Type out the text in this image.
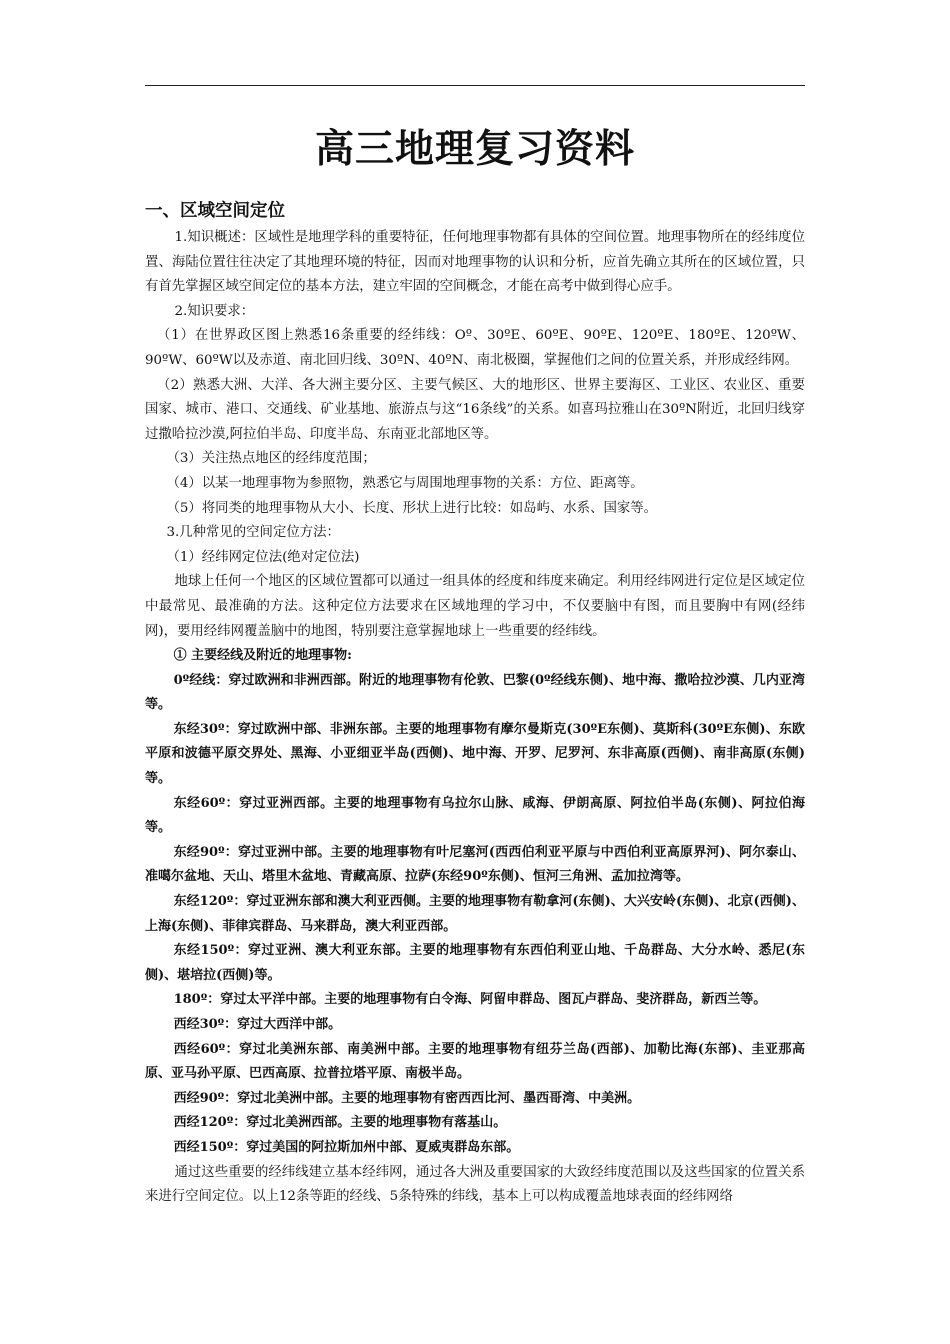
高三地理复习资料
一、区域空间定位

1.知识概述：区域性是地理学科的重要特征，任何地理事物都有具体的空间位置。地理事物所在的经纬度位置、海陆位置往往决定了其地理环境的特征，因而对地理事物的认识和分析，应首先确立其所在的区域位置，只有首先掌握区域空间定位的基本方法，建立牢固的空间概念，才能在高考中做到得心应手。

2.知识要求：

（1）在世界政区图上熟悉16条重要的经纬线：Oº、30ºE、60ºE、90ºE、120ºE、180ºE、120ºW、90ºW、60ºW以及赤道、南北回归线、30ºN、40ºN、南北极圈，掌握他们之间的位置关系，并形成经纬网。

（2）熟悉大洲、大洋、各大洲主要分区、主要气候区、大的地形区、世界主要海区、工业区、农业区、重要国家、城市、港口、交通线、矿业基地、旅游点与这“16条线”的关系。如喜玛拉雅山在30ºN附近，北回归线穿过撒哈拉沙漠,阿拉伯半岛、印度半岛、东南亚北部地区等。

（3）关注热点地区的经纬度范围；

（4）以某一地理事物为参照物，熟悉它与周围地理事物的关系：方位、距离等。

（5）将同类的地理事物从大小、长度、形状上进行比较：如岛屿、水系、国家等。

3.几种常见的空间定位方法：

（1）经纬网定位法(绝对定位法)

地球上任何一个地区的区域位置都可以通过一组具体的经度和纬度来确定。利用经纬网进行定位是区域定位中最常见、最准确的方法。这种定位方法要求在区域地理的学习中，不仅要脑中有图，而且要胸中有网(经纬网)，要用经纬网覆盖脑中的地图，特别要注意掌握地球上一些重要的经纬线。

① 主要经线及附近的地理事物:

0º经线：穿过欧洲和非洲西部。附近的地理事物有伦敦、巴黎(0º经线东侧)、地中海、撒哈拉沙漠、几内亚湾等。

东经30º：穿过欧洲中部、非洲东部。主要的地理事物有摩尔曼斯克(30ºE东侧)、莫斯科(30ºE东侧)、东欧平原和波德平原交界处、黑海、小亚细亚半岛(西侧)、地中海、开罗、尼罗河、东非高原(西侧)、南非高原(东侧)等。

东经60º：穿过亚洲西部。主要的地理事物有乌拉尔山脉、咸海、伊朗高原、阿拉伯半岛(东侧)、阿拉伯海等。

东经90º：穿过亚洲中部。主要的地理事物有叶尼塞河(西西伯利亚平原与中西伯利亚高原界河)、阿尔泰山、准噶尔盆地、天山、塔里木盆地、青藏高原、拉萨(东经90º东侧)、恒河三角洲、孟加拉湾等。

东经120º：穿过亚洲东部和澳大利亚西侧。主要的地理事物有勒拿河(东侧)、大兴安岭(东侧)、北京(西侧)、上海(东侧)、菲律宾群岛、马来群岛，澳大利亚西部。

东经150º：穿过亚洲、澳大利亚东部。主要的地理事物有东西伯利亚山地、千岛群岛、大分水岭、悉尼(东侧)、堪培拉(西侧)等。

180º：穿过太平洋中部。主要的地理事物有白令海、阿留申群岛、图瓦卢群岛、斐济群岛，新西兰等。

西经30º：穿过大西洋中部。

西经60º：穿过北美洲东部、南美洲中部。主要的地理事物有纽芬兰岛(西部)、加勒比海(东部)、圭亚那高原、亚马孙平原、巴西高原、拉普拉塔平原、南极半岛。

西经90º：穿过北美洲中部。主要的地理事物有密西西比河、墨西哥湾、中美洲。

西经120º：穿过北美洲西部。主要的地理事物有落基山。

西经150º：穿过美国的阿拉斯加州中部、夏威夷群岛东部。

通过这些重要的经纬线建立基本经纬网，通过各大洲及重要国家的大致经纬度范围以及这些国家的位置关系来进行空间定位。以上12条等距的经线、5条特殊的纬线，基本上可以构成覆盖地球表面的经纬网络
